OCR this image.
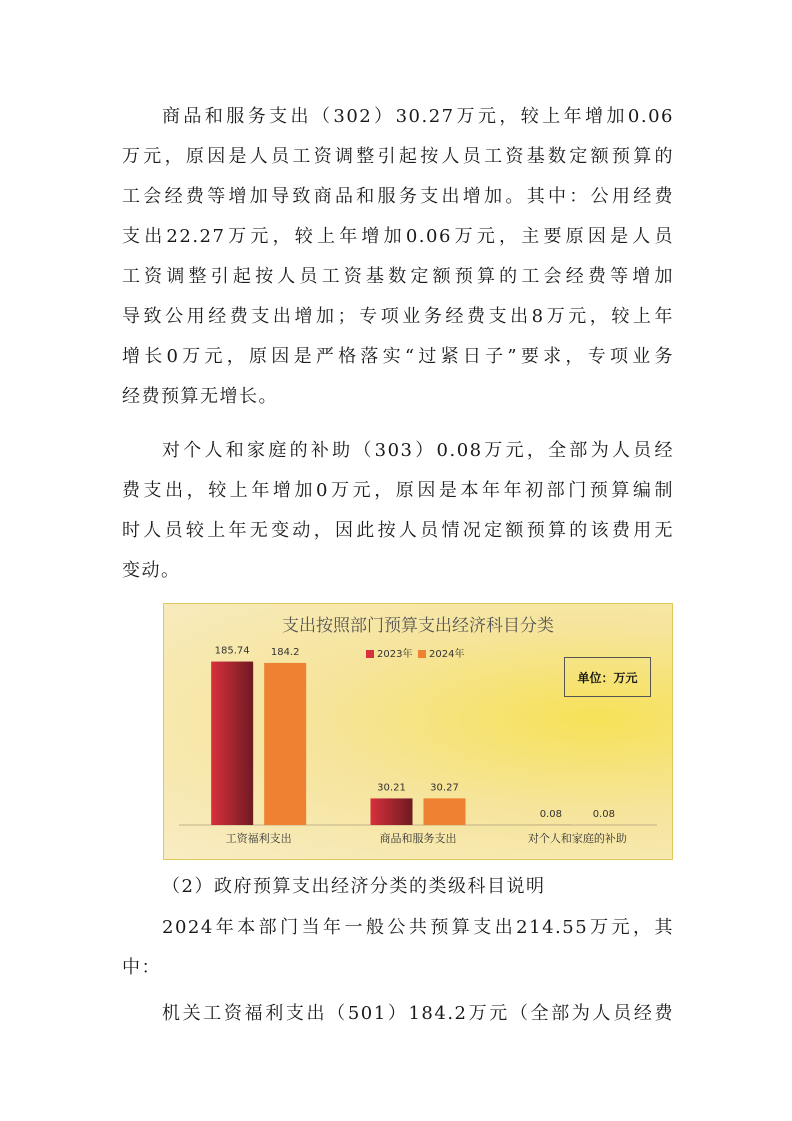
商品和服务支出（302）30.27万元，较上年增加0.06
万元，原因是人员工资调整引起按人员工资基数定额预算的
工会经费等增加导致商品和服务支出增加。其中：公用经费
支出22.27万元，较上年增加0.06万元，主要原因是人员
工资调整引起按人员工资基数定额预算的工会经费等增加
导致公用经费支出增加；专项业务经费支出8万元，较上年
增长0万元，原因是严格落实“过紧日子”要求，专项业务
经费预算无增长。
对个人和家庭的补助（303）0.08万元，全部为人员经
费支出，较上年增加0万元，原因是本年年初部门预算编制
时人员较上年无变动，因此按人员情况定额预算的该费用无
变动。
支出按照部门预算支出经济科目分类
2023年 2024年
185.74 184.2
工资福利支出
30.21 30.27
商品和服务支出
0.08	0.08
对个人和家庭的补助
单位：万元
（2）政府预算支出经济分类的类级科目说明
2024年本部门当年一般公共预算支出214.55万元，其
中：
机关工资福利支出（501）184.2万元（全部为人员经费
